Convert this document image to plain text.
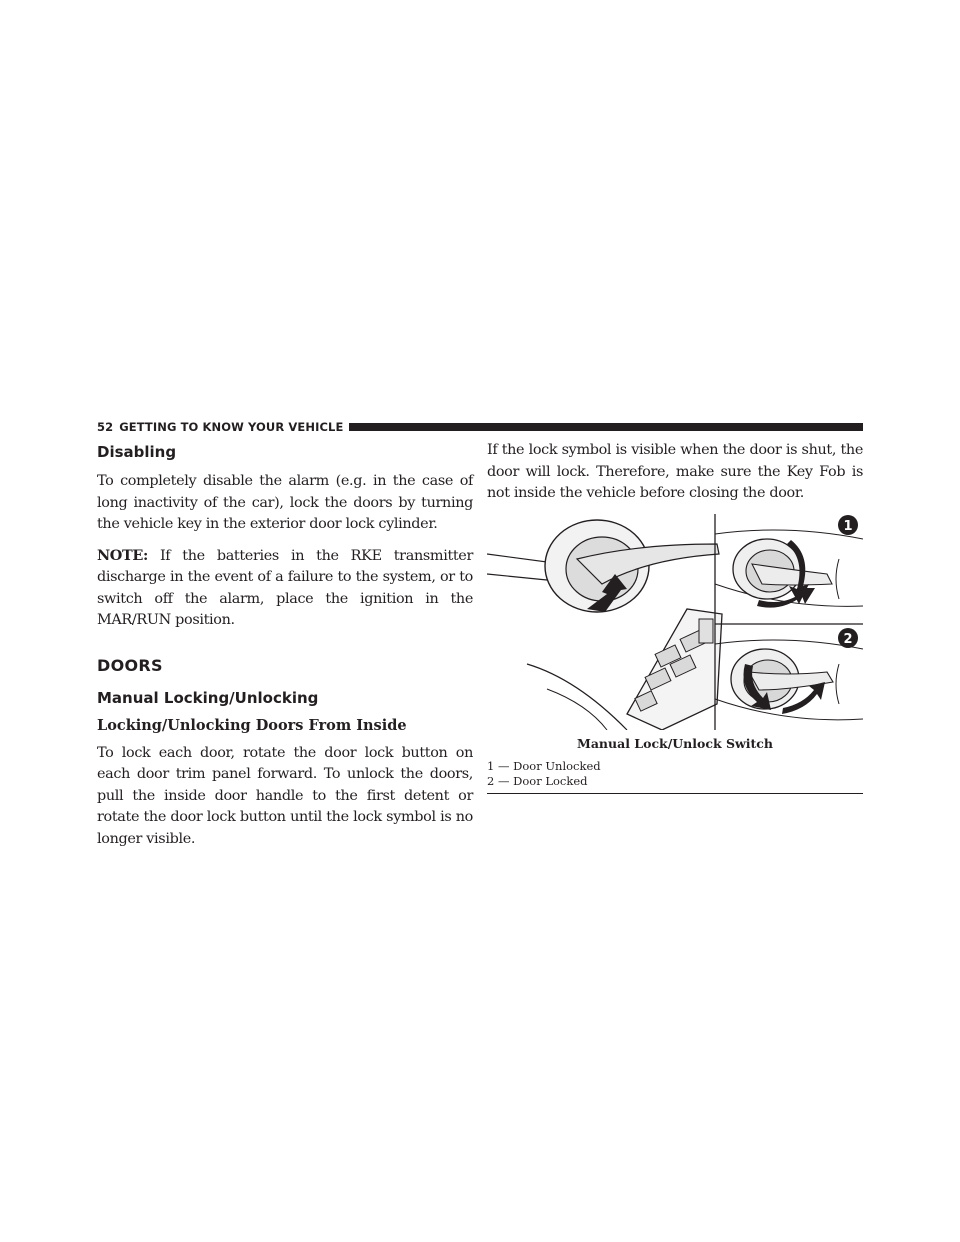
52 GETTING TO KNOW YOUR VEHICLE
Disabling

To completely disable the alarm (e.g. in the case of long inactivity of the car), lock the doors by turning the vehicle key in the exterior door lock cylinder.

NOTE: If the batteries in the RKE transmitter discharge in the event of a failure to the system, or to switch off the alarm, place the ignition in the MAR/RUN position.

DOORS
Manual Locking/Unlocking
Locking/Unlocking Doors From Inside

To lock each door, rotate the door lock button on each door trim panel forward. To unlock the doors, pull the inside door handle to the first detent or rotate the door lock button until the lock symbol is no longer visible.

If the lock symbol is visible when the door is shut, the door will lock. Therefore, make sure the Key Fob is not inside the vehicle before closing the door.

1
2
Manual Lock/Unlock Switch

1 — Door Unlocked

2 — Door Locked
